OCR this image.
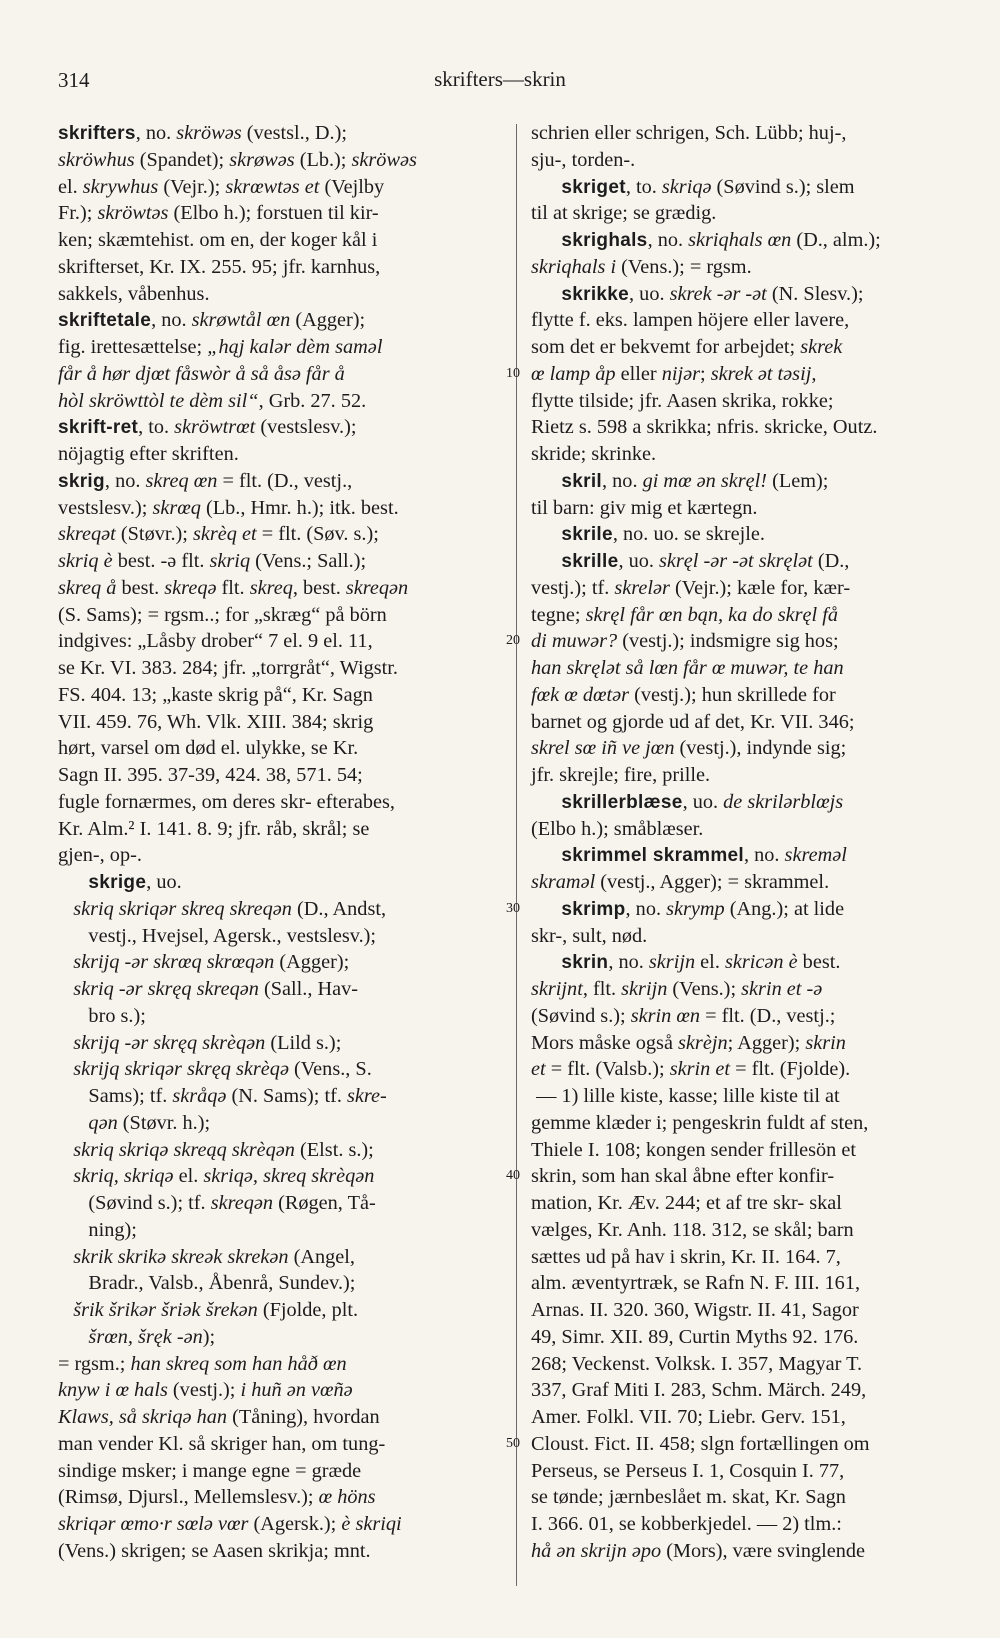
314	skrifters—skrin
skrifters, no. skröwəs (vestsl., D.);
skröwhus (Spandet); skrøwəs (Lb.); skröwəs
el. skrywhus (Vejr.); skrœwtəs et (Vejlby
Fr.); skröwtəs (Elbo h.); forstuen til kir-
ken; skæmtehist. om en, der koger kål i
skrifterset, Kr. IX. 255. 95; jfr. karnhus,
sakkels, våbenhus.
skriftetale, no. skrøwtål œn (Agger);
fig. irettesættelse; „hąj kalər dèm saməl
får å hør djœt fåswòr å så åsə får å
hòl skröwttòl te dèm sil“, Grb. 27. 52.
skrift-ret, to. skröwtrœt (vestslesv.);
nöjagtig efter skriften.
skrig, no. skreq œn = flt. (D., vestj.,
vestslesv.); skrœq (Lb., Hmr. h.); itk. best.
skreqət (Støvr.); skrèq et = flt. (Søv. s.);
skriq è best. -ə flt. skriq (Vens.; Sall.);
skreq å best. skreqə flt. skreq, best. skreqən
(S. Sams); = rgsm..; for „skræg“ på börn
indgives: „Låsby drober“ 7 el. 9 el. 11,
se Kr. VI. 383. 284; jfr. „torrgråt“, Wigstr.
FS. 404. 13; „kaste skrig på“, Kr. Sagn
VII. 459. 76, Wh. Vlk. XIII. 384; skrig
hørt, varsel om død el. ulykke, se Kr.
Sagn II. 395. 37-39, 424. 38, 571. 54;
fugle fornærmes, om deres skr- efterabes,
Kr. Alm.² I. 141. 8. 9; jfr. råb, skrål; se
gjen-, op-.
skrige, uo.
skriq skriqər skreq skreqən (D., Andst,
vestj., Hvejsel, Agersk., vestslesv.);
skrijq -ər skrœq skrœqən (Agger);
skriq -ər skręq skreqən (Sall., Hav-
bro s.);
skrijq -ər skręq skrèqən (Lild s.);
skrijq skriqər skręq skrèqə (Vens., S.
Sams); tf. skråqə (N. Sams); tf. skre-
qən (Støvr. h.);
skriq skriqə skreąq skrèqən (Elst. s.);
skriq, skriqə el. skriqə, skreq skrèqən
(Søvind s.); tf. skreqən (Røgen, Tå-
ning);
skrik skrikə skreək skrekən (Angel,
Bradr., Valsb., Åbenrå, Sundev.);
šrik šrikər šriək šrekən (Fjolde, plt.
šrœn, šręk -ən);
= rgsm.; han skreq som han håð œn
knyw i œ hals (vestj.); i huñ ən vœñə
Klaws, så skriqə han (Tåning), hvordan
man vender Kl. så skriger han, om tung-
sindige msker; i mange egne = græde
(Rimsø, Djursl., Mellemslesv.); œ höns
skriqər œmo·r sœlə vœr (Agersk.); è skriqi
(Vens.) skrigen; se Aasen skrikja; mnt.
schrien eller schrigen, Sch. Lübb; huj-,
sju-, torden-.
skriget, to. skriqə (Søvind s.); slem
til at skrige; se grædig.
skrighals, no. skriqhals œn (D., alm.);
skriqhals i (Vens.); = rgsm.
skrikke, uo. skrek -ər -ət (N. Slesv.);
flytte f. eks. lampen höjere eller lavere,
som det er bekvemt for arbejdet; skrek
œ lamp åp eller nijər; skrek ət təsij,
flytte tilside; jfr. Aasen skrika, rokke;
Rietz s. 598 a skrikka; nfris. skricke, Outz.
skride; skrinke.
skril, no. gi mœ ən skręl! (Lem);
til barn: giv mig et kærtegn.
skrile, no. uo. se skrejle.
skrille, uo. skręl -ər -ət skręlət (D.,
vestj.); tf. skrelər (Vejr.); kæle for, kær-
tegne; skręl får œn bąn, ka do skręl få
di muwər? (vestj.); indsmigre sig hos;
han skręlət så lœn får œ muwər, te han
fœk œ dœtər (vestj.); hun skrillede for
barnet og gjorde ud af det, Kr. VII. 346;
skrel sœ iñ ve jœn (vestj.), indynde sig;
jfr. skrejle; fire, prille.
skrillerblæse, uo. de skrilərblœjs
(Elbo h.); småblæser.
skrimmel skrammel, no. skreməl
skraməl (vestj., Agger); = skrammel.
skrimp, no. skrymp (Ang.); at lide
skr-, sult, nød.
skrin, no. skrijn el. skricən è best.
skrijnt, flt. skrijn (Vens.); skrin et -ə
(Søvind s.); skrin œn = flt. (D., vestj.;
Mors måske også skrèjn; Agger); skrin
et = flt. (Valsb.); skrin et = flt. (Fjolde).
— 1) lille kiste, kasse; lille kiste til at
gemme klæder i; pengeskrin fuldt af sten,
Thiele I. 108; kongen sender frillesön et
skrin, som han skal åbne efter konfir-
mation, Kr. Æv. 244; et af tre skr- skal
vælges, Kr. Anh. 118. 312, se skål; barn
sættes ud på hav i skrin, Kr. II. 164. 7,
alm. æventyrtræk, se Rafn N. F. III. 161,
Arnas. II. 320. 360, Wigstr. II. 41, Sagor
49, Simr. XII. 89, Curtin Myths 92. 176.
268; Veckenst. Volksk. I. 357, Magyar T.
337, Graf Miti I. 283, Schm. Märch. 249,
Amer. Folkl. VII. 70; Liebr. Gerv. 151,
Cloust. Fict. II. 458; slgn fortællingen om
Perseus, se Perseus I. 1, Cosquin I. 77,
se tønde; jærnbeslået m. skat, Kr. Sagn
I. 366. 01, se kobberkjedel. — 2) tlm.:
hå ən skrijn əpo (Mors), være svinglende
10
20
30
40
50
